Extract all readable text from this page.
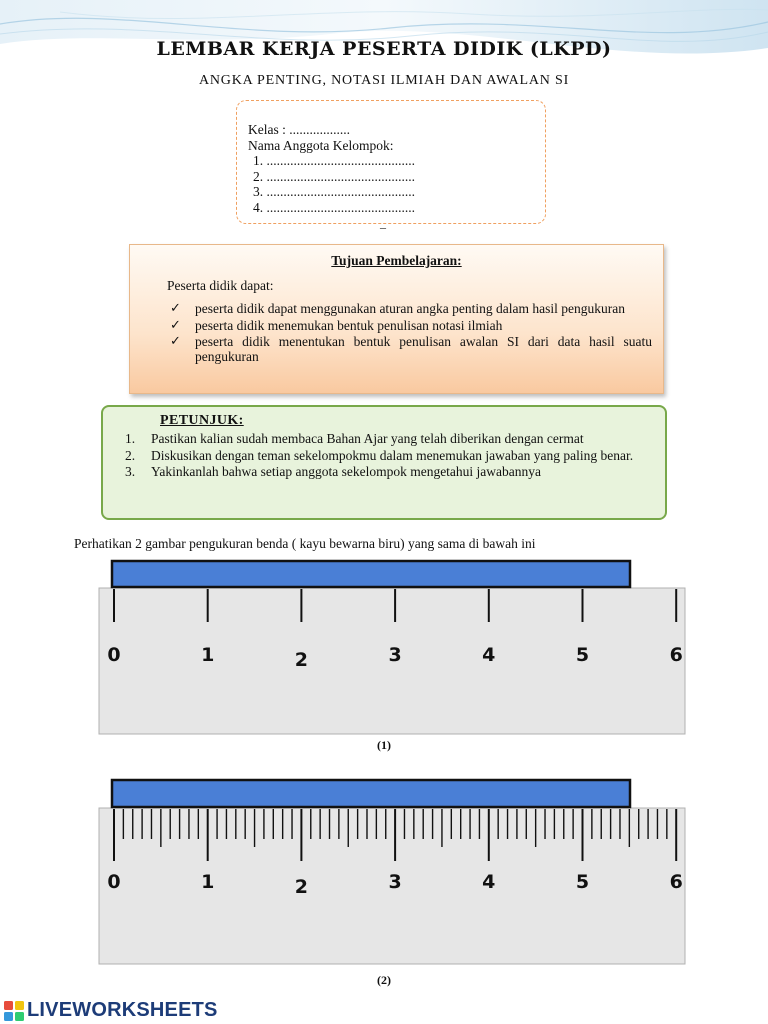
LEMBAR KERJA PESERTA DIDIK (LKPD)
ANGKA PENTING, NOTASI ILMIAH DAN AWALAN SI
Kelas : ..................
Nama Anggota Kelompok:
1. ............................................
2. ............................................
3. ............................................
4. ............................................
_
Tujuan Pembelajaran:
Peserta didik dapat:
✓ peserta didik dapat menggunakan aturan angka penting dalam hasil pengukuran
✓ peserta didik menemukan bentuk penulisan notasi ilmiah
✓ peserta didik menentukan bentuk penulisan awalan SI dari data hasil suatu pengukuran
PETUNJUK:
1. Pastikan kalian sudah membaca Bahan Ajar yang telah diberikan dengan cermat
2. Diskusikan dengan teman sekelompokmu dalam menemukan jawaban yang paling benar.
3. Yakinkanlah bahwa setiap anggota sekelompok mengetahui jawabannya
Perhatikan 2 gambar pengukuran benda ( kayu bewarna biru) yang sama di bawah ini
0	1	2	3	4	5	6
(1)
0	1	2	3	4	5	6
(2)
LIVEWORKSHEETS
